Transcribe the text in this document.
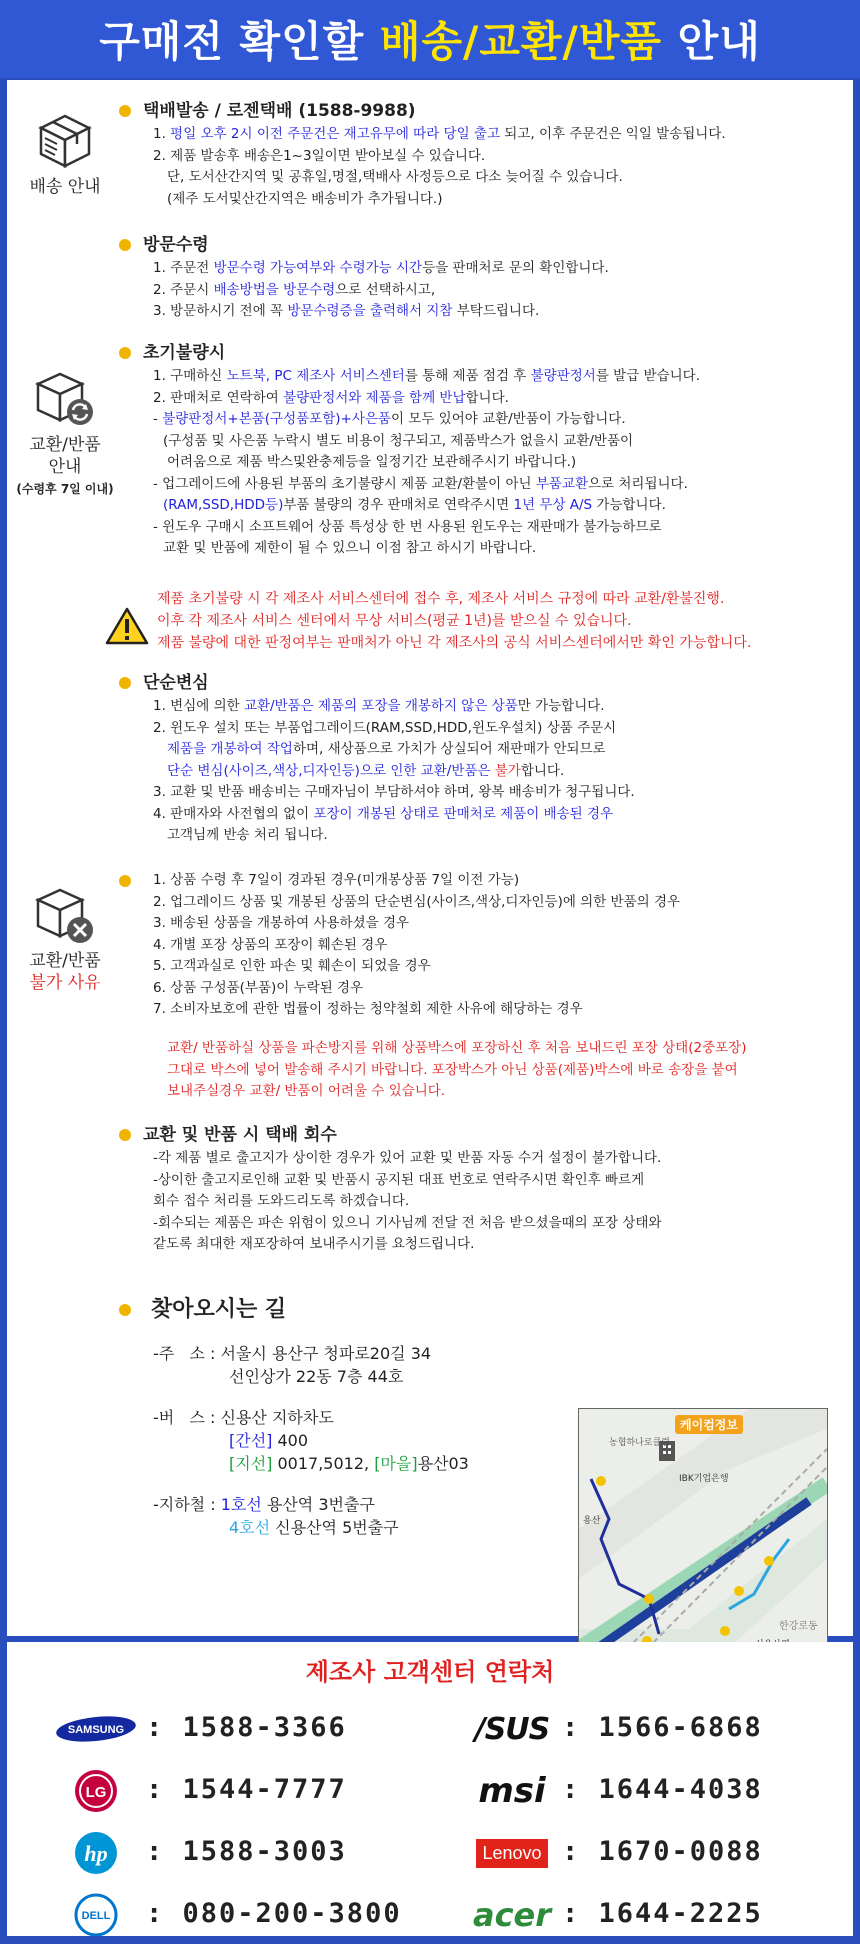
구매전 확인할 배송/교환/반품 안내
배송 안내
택배발송 / 로젠택배 (1588-9988)
1. 평일 오후 2시 이전 주문건은 재고유무에 따라 당일 출고 되고, 이후 주문건은 익일 발송됩니다.
2. 제품 발송후 배송은1~3일이면 받아보실 수 있습니다.
단, 도서산간지역 및 공휴일,명절,택배사 사정등으로 다소 늦어질 수 있습니다.
(제주 도서및산간지역은 배송비가 추가됩니다.)
방문수령
1. 주문전 방문수령 가능여부와 수령가능 시간등을 판매처로 문의 확인합니다.
2. 주문시 배송방법을 방문수령으로 선택하시고,
3. 방문하시기 전에 꼭 방문수령증을 출력해서 지참 부탁드립니다.
교환/반품
안내
(수령후 7일 이내)
초기불량시
1. 구매하신 노트북, PC 제조사 서비스센터를 통해 제품 점검 후 불량판정서를 발급 받습니다.
2. 판매처로 연락하여 불량판정서와 제품을 함께 반납합니다.
- 불량판정서+본품(구성품포함)+사은품이 모두 있어야 교환/반품이 가능합니다.
(구성품 및 사은품 누락시 별도 비용이 청구되고, 제품박스가 없을시 교환/반품이
어려움으로 제품 박스및완충제등을 일정기간 보관해주시기 바랍니다.)
- 업그레이드에 사용된 부품의 초기불량시 제품 교환/환불이 아닌 부품교환으로 처리됩니다.
(RAM,SSD,HDD등)부품 불량의 경우 판매처로 연락주시면 1년 무상 A/S 가능합니다.
- 윈도우 구매시 소프트웨어 상품 특성상 한 번 사용된 윈도우는 재판매가 불가능하므로
교환 및 반품에 제한이 될 수 있으니 이점 참고 하시기 바랍니다.
제품 초기불량 시 각 제조사 서비스센터에 접수 후, 제조사 서비스 규정에 따라 교환/환불진행.
이후 각 제조사 서비스 센터에서 무상 서비스(평균 1년)를 받으실 수 있습니다.
제품 불량에 대한 판정여부는 판매처가 아닌 각 제조사의 공식 서비스센터에서만 확인 가능합니다.
단순변심
1. 변심에 의한 교환/반품은 제품의 포장을 개봉하지 않은 상품만 가능합니다.
2. 윈도우 설치 또는 부품업그레이드(RAM,SSD,HDD,윈도우설치) 상품 주문시
제품을 개봉하여 작업하며, 새상품으로 가치가 상실되어 재판매가 안되므로
단순 변심(사이즈,색상,디자인등)으로 인한 교환/반품은 불가합니다.
3. 교환 및 반품 배송비는 구매자님이 부담하셔야 하며, 왕복 배송비가 청구됩니다.
4. 판매자와 사전협의 없이 포장이 개봉된 상태로 판매처로 제품이 배송된 경우
고객님께 반송 처리 됩니다.
교환/반품
불가 사유
1. 상품 수령 후 7일이 경과된 경우(미개봉상품 7일 이전 가능)
2. 업그레이드 상품 및 개봉된 상품의 단순변심(사이즈,색상,디자인등)에 의한 반품의 경우
3. 배송된 상품을 개봉하여 사용하셨을 경우
4. 개별 포장 상품의 포장이 훼손된 경우
5. 고객과실로 인한 파손 및 훼손이 되었을 경우
6. 상품 구성품(부품)이 누락된 경우
7. 소비자보호에 관한 법률이 정하는 청약철회 제한 사유에 해당하는 경우
교환/ 반품하실 상품을 파손방지를 위해 상품박스에 포장하신 후 처음 보내드린 포장 상태(2중포장)
그대로 박스에 넣어 발송해 주시기 바랍니다. 포장박스가 아닌 상품(제품)박스에 바로 송장을 붙여
보내주실경우 교환/ 반품이 어려울 수 있습니다.
교환 및 반품 시 택배 회수
-각 제품 별로 출고지가 상이한 경우가 있어 교환 및 반품 자동 수거 설정이 불가합니다.
-상이한 출고지로인해 교환 및 반품시 공지된 대표 번호로 연락주시면 확인후 빠르게
회수 접수 처리를 도와드리도록 하겠습니다.
-회수되는 제품은 파손 위험이 있으니 기사님께 전달 전 처음 받으셨을때의 포장 상태와
같도록 최대한 재포장하여 보내주시기를 요청드립니다.
찾아오시는 길
-주   소 : 서울시 용산구 청파로20길 34
선인상가 22동 7층 44호
-버   스 : 신용산 지하차도
[간선] 400
[지선] 0017,5012, [마을]용산03
-지하철 : 1호선 용산역 3번출구
4호선 신용산역 5번출구
케이컴정보
농협하나로클럽
IBK기업은행
용산
한강로동
제조사 고객센터 연락처
SAMSUNG : 1588-3366	/SUS : 1566-6868
LG : 1544-7777	msi : 1644-4038
hp : 1588-3003	Lenovo : 1670-0088
DELL : 080-200-3800 acer : 1644-2225
